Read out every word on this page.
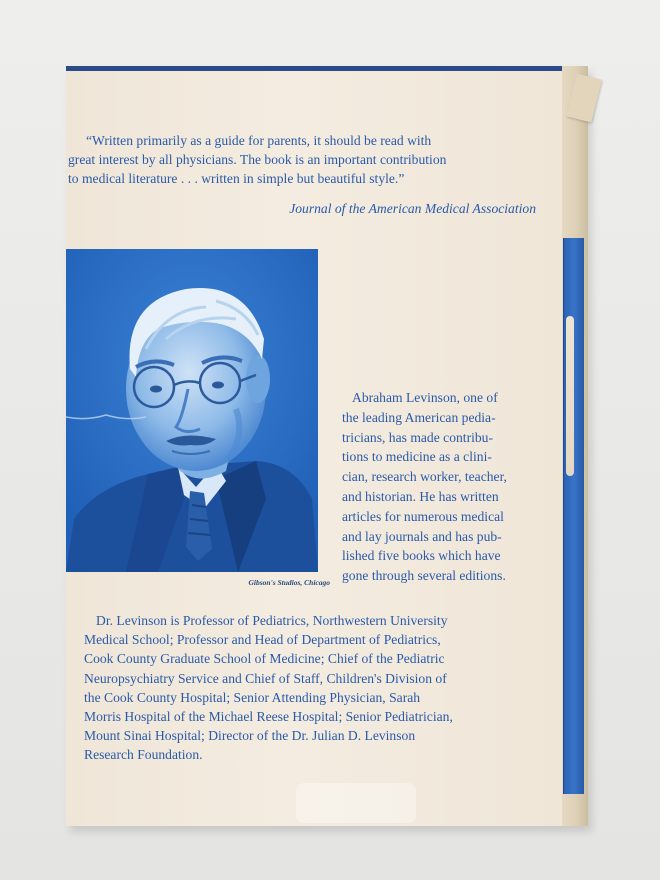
“Written primarily as a guide for parents, it should be read with
great interest by all physicians. The book is an important contribution
to medical literature . . . written in simple but beautiful style.”
Journal of the American Medical Association
Gibson's Studios, Chicago
Abraham Levinson, one of
the leading American pedia-
tricians, has made contribu-
tions to medicine as a clini-
cian, research worker, teacher,
and historian. He has written
articles for numerous medical
and lay journals and has pub-
lished five books which have
gone through several editions.
Dr. Levinson is Professor of Pediatrics, Northwestern University
Medical School; Professor and Head of Department of Pediatrics,
Cook County Graduate School of Medicine; Chief of the Pediatric
Neuropsychiatry Service and Chief of Staff, Children's Division of
the Cook County Hospital; Senior Attending Physician, Sarah
Morris Hospital of the Michael Reese Hospital; Senior Pediatrician,
Mount Sinai Hospital; Director of the Dr. Julian D. Levinson
Research Foundation.
